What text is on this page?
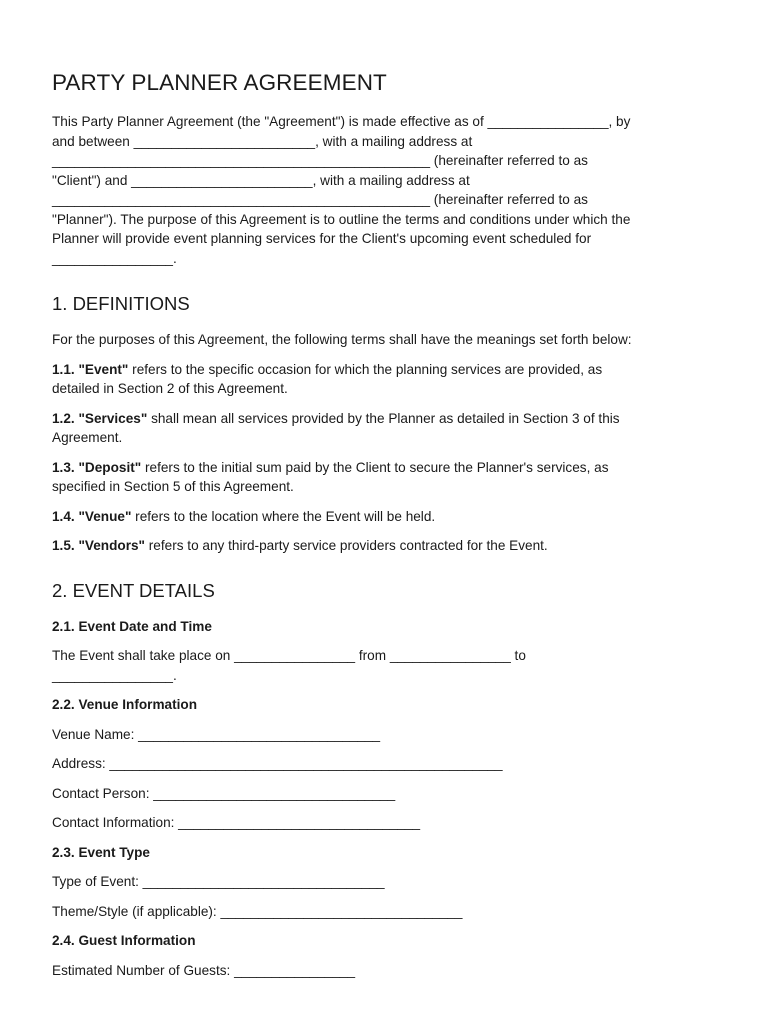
PARTY PLANNER AGREEMENT

This Party Planner Agreement (the "Agreement") is made effective as of ________________, by
and between ________________________, with a mailing address at
__________________________________________________ (hereinafter referred to as
"Client") and ________________________, with a mailing address at
__________________________________________________ (hereinafter referred to as
"Planner"). The purpose of this Agreement is to outline the terms and conditions under which the
Planner will provide event planning services for the Client's upcoming event scheduled for
________________.

1. DEFINITIONS

For the purposes of this Agreement, the following terms shall have the meanings set forth below:

1.1. "Event" refers to the specific occasion for which the planning services are provided, as
detailed in Section 2 of this Agreement.

1.2. "Services" shall mean all services provided by the Planner as detailed in Section 3 of this
Agreement.

1.3. "Deposit" refers to the initial sum paid by the Client to secure the Planner's services, as
specified in Section 5 of this Agreement.

1.4. "Venue" refers to the location where the Event will be held.

1.5. "Vendors" refers to any third-party service providers contracted for the Event.

2. EVENT DETAILS
2.1. Event Date and Time

The Event shall take place on ________________ from ________________ to
________________.

2.2. Venue Information
Venue Name: ________________________________
Address: ____________________________________________________
Contact Person: ________________________________
Contact Information: ________________________________
2.3. Event Type
Type of Event: ________________________________
Theme/Style (if applicable): ________________________________
2.4. Guest Information
Estimated Number of Guests: ________________
